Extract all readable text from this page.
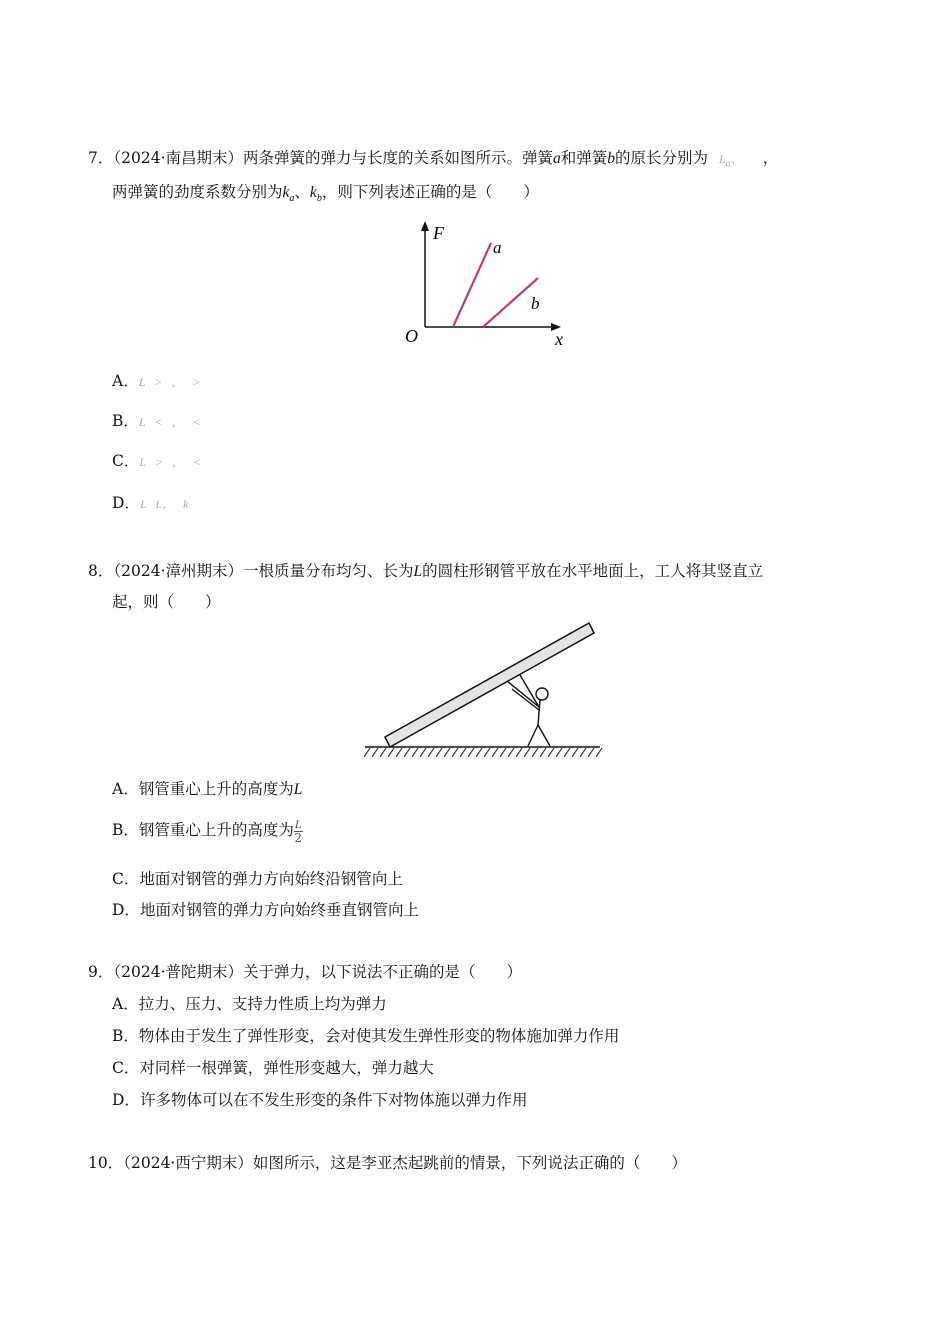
7．（2024·南昌期末）两条弹簧的弹力与长度的关系如图所示。弹簧a和弹簧b的原长分别为 $L_a$、 ，
两弹簧的劲度系数分别为$k_a$、$k_b$，则下列表述正确的是（　　）
F
a
b
O	x
A．L   >   ，   >
B．L   <   ，   <
C．L   >   ，   <
D．L   L，   k
8．（2024·漳州期末）一根质量分布均匀、长为L的圆柱形钢管平放在水平地面上，工人将其竖直立
起，则（　　）
A．钢管重心上升的高度为L
B．钢管重心上升的高度为 $\frac{L}{2}$
C．地面对钢管的弹力方向始终沿钢管向上
D．地面对钢管的弹力方向始终垂直钢管向上
9．（2024·普陀期末）关于弹力，以下说法不正确的是（　　）
A．拉力、压力、支持力性质上均为弹力
B．物体由于发生了弹性形变，会对使其发生弹性形变的物体施加弹力作用
C．对同样一根弹簧，弹性形变越大，弹力越大
D．许多物体可以在不发生形变的条件下对物体施以弹力作用
10．（2024·西宁期末）如图所示，这是李亚杰起跳前的情景，下列说法正确的（　　）
